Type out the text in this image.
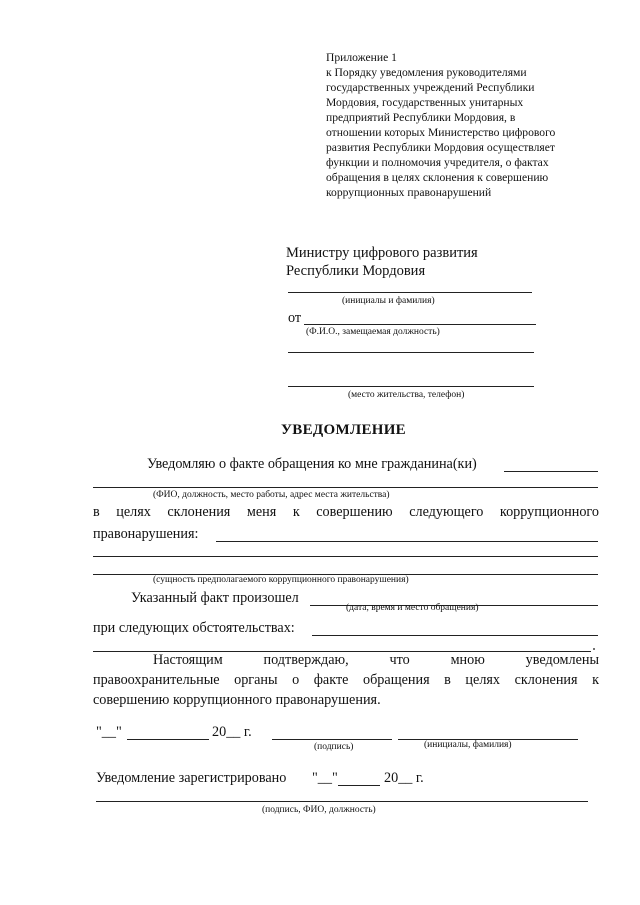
Приложение 1
к Порядку уведомления руководителями
государственных учреждений Республики
Мордовия, государственных унитарных
предприятий Республики Мордовия, в
отношении которых Министерство цифрового
развития Республики Мордовия осуществляет
функции и полномочия учредителя, о фактах
обращения в целях склонения к совершению
коррупционных правонарушений
Министру цифрового развития
Республики Мордовия
(инициалы и фамилия)
от
(Ф.И.О., замещаемая должность)
(место жительства, телефон)
УВЕДОМЛЕНИЕ
Уведомляю о факте обращения ко мне гражданина(ки)
(ФИО, должность, место работы, адрес места жительства)
в целях склонения меня к совершению следующего коррупционного
правонарушения:
(сущность предполагаемого коррупционного правонарушения)
Указанный факт произошел
(дата, время и место обращения)
при следующих обстоятельствах:
Настоящим подтверждаю, что мною уведомлены
правоохранительные органы о факте обращения в целях склонения к
совершению коррупционного правонарушения.
"__"	20__ г.
(подпись)	(инициалы, фамилия)
Уведомление зарегистрировано "__"	20__ г.
(подпись, ФИО, должность)
